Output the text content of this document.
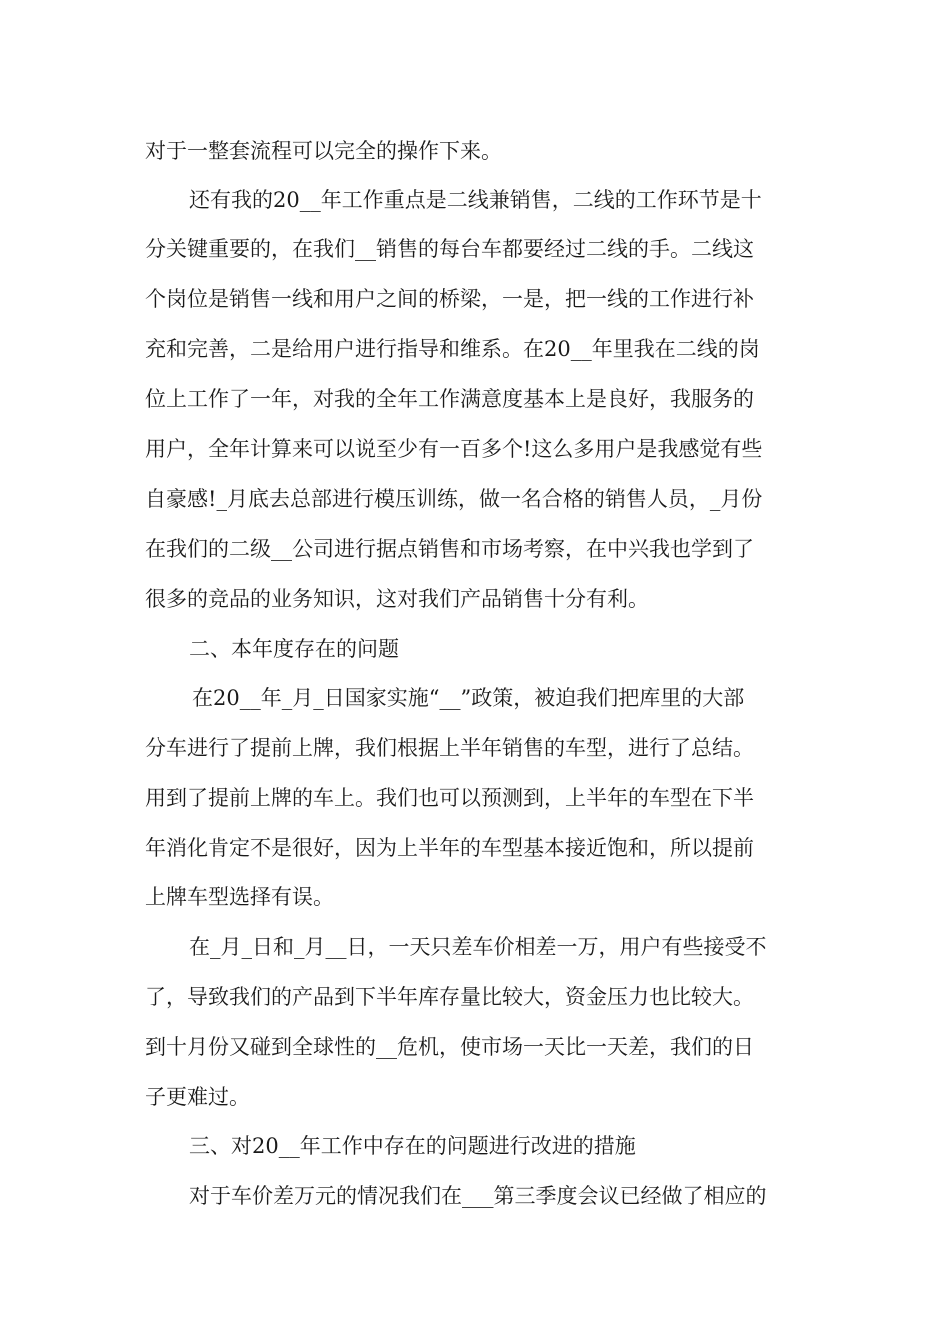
对于一整套流程可以完全的操作下来。
还有我的20__年工作重点是二线兼销售，二线的工作环节是十
分关键重要的，在我们__销售的每台车都要经过二线的手。二线这
个岗位是销售一线和用户之间的桥梁，一是，把一线的工作进行补
充和完善，二是给用户进行指导和维系。在20__年里我在二线的岗
位上工作了一年，对我的全年工作满意度基本上是良好，我服务的
用户，全年计算来可以说至少有一百多个!这么多用户是我感觉有些
自豪感!_月底去总部进行模压训练，做一名合格的销售人员，_月份
在我们的二级__公司进行据点销售和市场考察，在中兴我也学到了
很多的竞品的业务知识，这对我们产品销售十分有利。
二、本年度存在的问题
在20__年_月_日国家实施“__”政策，被迫我们把库里的大部
分车进行了提前上牌，我们根据上半年销售的车型，进行了总结。
用到了提前上牌的车上。我们也可以预测到，上半年的车型在下半
年消化肯定不是很好，因为上半年的车型基本接近饱和，所以提前
上牌车型选择有误。
在_月_日和_月__日，一天只差车价相差一万，用户有些接受不
了，导致我们的产品到下半年库存量比较大，资金压力也比较大。
到十月份又碰到全球性的__危机，使市场一天比一天差，我们的日
子更难过。
三、对20__年工作中存在的问题进行改进的措施
对于车价差万元的情况我们在___第三季度会议已经做了相应的
